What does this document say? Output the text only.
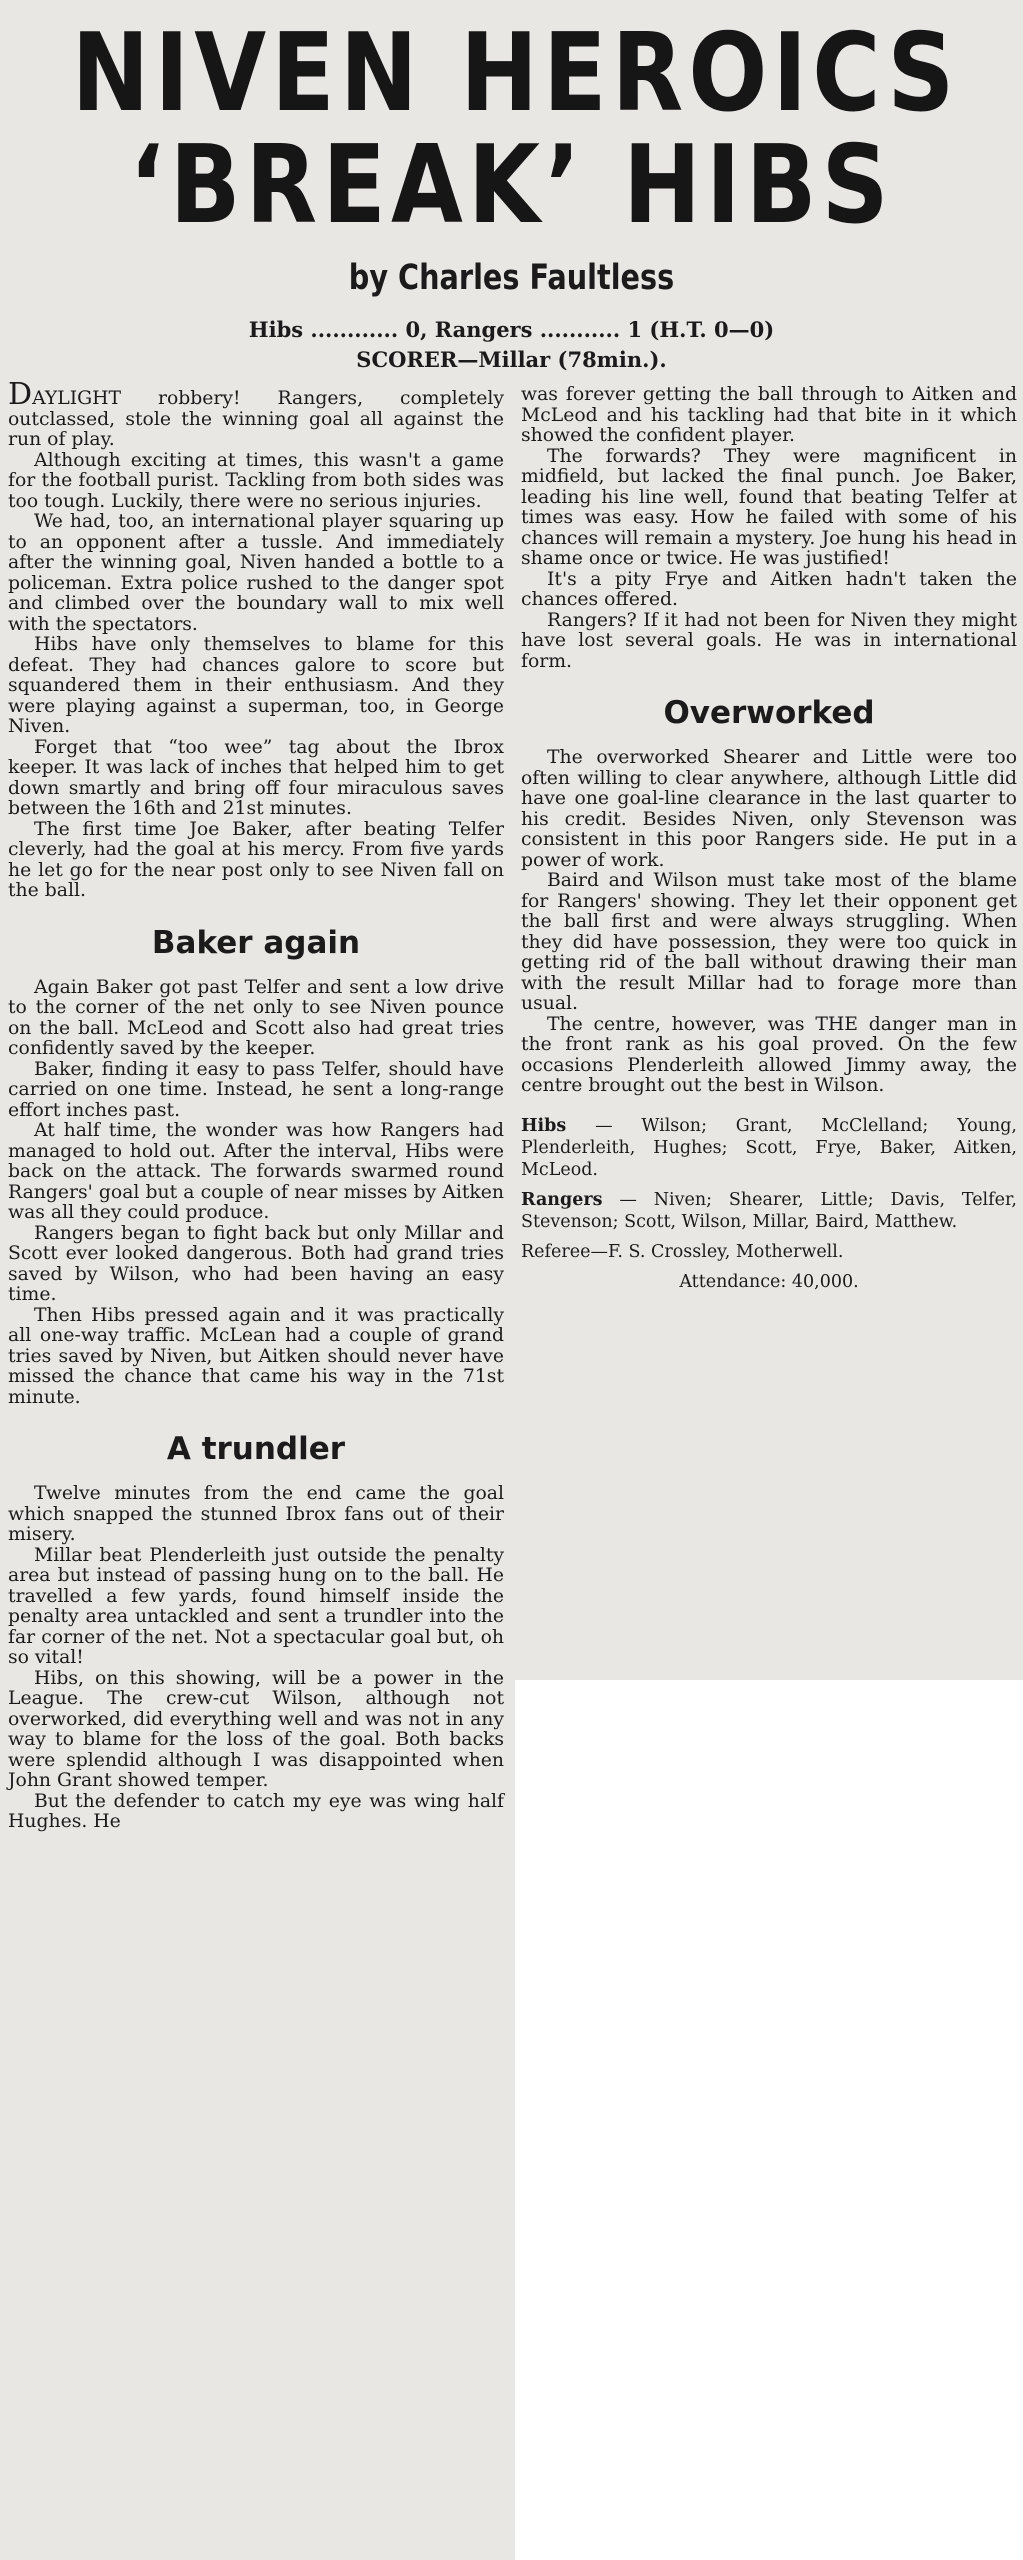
NIVEN HEROICS
‘BREAK’ HIBS
by Charles Faultless
Hibs ............ 0, Rangers ........... 1 (H.T. 0—0)
SCORER—Millar (78min.).

DAYLIGHT robbery! Rangers, completely outclassed, stole the winning goal all against the run of play.

Although exciting at times, this wasn't a game for the football purist. Tackling from both sides was too tough. Luckily, there were no serious injuries.

We had, too, an international player squaring up to an opponent after a tussle. And immediately after the winning goal, Niven handed a bottle to a policeman. Extra police rushed to the danger spot and climbed over the boundary wall to mix well with the spectators.

Hibs have only themselves to blame for this defeat. They had chances galore to score but squandered them in their enthusiasm. And they were playing against a superman, too, in George Niven.

Forget that “too wee” tag about the Ibrox keeper. It was lack of inches that helped him to get down smartly and bring off four miraculous saves between the 16th and 21st minutes.

The first time Joe Baker, after beating Telfer cleverly, had the goal at his mercy. From five yards he let go for the near post only to see Niven fall on the ball.

Baker again

Again Baker got past Telfer and sent a low drive to the corner of the net only to see Niven pounce on the ball. McLeod and Scott also had great tries confidently saved by the keeper.

Baker, finding it easy to pass Telfer, should have carried on one time. Instead, he sent a long-range effort inches past.

At half time, the wonder was how Rangers had managed to hold out. After the interval, Hibs were back on the attack. The forwards swarmed round Rangers' goal but a couple of near misses by Aitken was all they could produce.

Rangers began to fight back but only Millar and Scott ever looked dangerous. Both had grand tries saved by Wilson, who had been having an easy time.

Then Hibs pressed again and it was practically all one-way traffic. McLean had a couple of grand tries saved by Niven, but Aitken should never have missed the chance that came his way in the 71st minute.

A trundler

Twelve minutes from the end came the goal which snapped the stunned Ibrox fans out of their misery.

Millar beat Plenderleith just outside the penalty area but instead of passing hung on to the ball. He travelled a few yards, found himself inside the penalty area untackled and sent a trundler into the far corner of the net. Not a spectacular goal but, oh so vital!

Hibs, on this showing, will be a power in the League. The crew-cut Wilson, although not overworked, did everything well and was not in any way to blame for the loss of the goal. Both backs were splendid although I was disappointed when John Grant showed temper.

But the defender to catch my eye was wing half Hughes. He

was forever getting the ball through to Aitken and McLeod and his tackling had that bite in it which showed the confident player.

The forwards? They were magnificent in midfield, but lacked the final punch. Joe Baker, leading his line well, found that beating Telfer at times was easy. How he failed with some of his chances will remain a mystery. Joe hung his head in shame once or twice. He was justified!

It's a pity Frye and Aitken hadn't taken the chances offered.

Rangers? If it had not been for Niven they might have lost several goals. He was in international form.

Overworked

The overworked Shearer and Little were too often willing to clear anywhere, although Little did have one goal-line clearance in the last quarter to his credit. Besides Niven, only Stevenson was consistent in this poor Rangers side. He put in a power of work.

Baird and Wilson must take most of the blame for Rangers' showing. They let their opponent get the ball first and were always struggling. When they did have possession, they were too quick in getting rid of the ball without drawing their man with the result Millar had to forage more than usual.

The centre, however, was THE danger man in the front rank as his goal proved. On the few occasions Plenderleith allowed Jimmy away, the centre brought out the best in Wilson.

Hibs — Wilson; Grant, McClelland; Young, Plenderleith, Hughes; Scott, Frye, Baker, Aitken, McLeod.

Rangers — Niven; Shearer, Little; Davis, Telfer, Stevenson; Scott, Wilson, Millar, Baird, Matthew.

Referee—F. S. Crossley, Motherwell.

Attendance: 40,000.
